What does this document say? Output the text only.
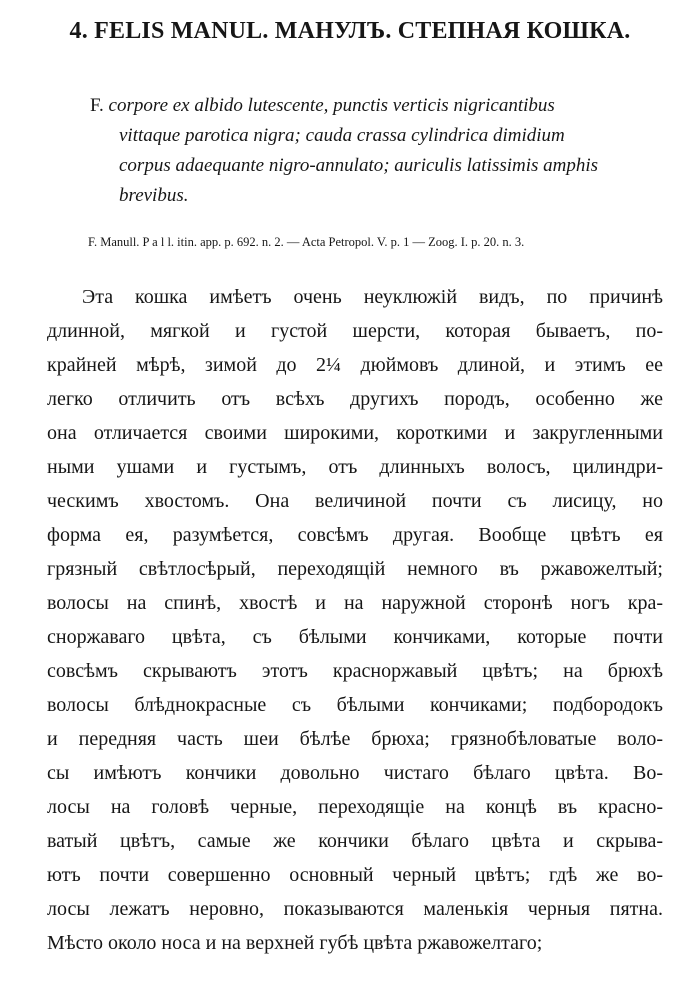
4. FELIS MANUL. МАНУЛЪ. СТЕПНАЯ КОШКА.
F. corpore ex albido lutescente, punctis verticis nigricantibus
vittaque parotica nigra; cauda crassa cylindrica dimidium
corpus adaequante nigro-annulato; auriculis latissimis amphis
brevibus.
F. Manull. P a l l. itin. app. p. 692. n. 2. — Acta Petropol. V. p. 1 — Zoog. I. p. 20. n. 3.
Эта кошка имѣетъ очень неуклюжій видъ, по причинѣ
длинной, мягкой и густой шерсти, которая бываетъ, по-
крайней мѣрѣ, зимой до 2¼ дюймовъ длиной, и этимъ ее
легко отличить отъ всѣхъ другихъ породъ, особенно же
она отличается своими широкими, короткими и закругленными
ными ушами и густымъ, отъ длинныхъ волосъ, цилиндри-
ческимъ хвостомъ. Она величиной почти съ лисицу, но
форма ея, разумѣется, совсѣмъ другая. Вообще цвѣтъ ея
грязный свѣтлосѣрый, переходящій немного въ ржавожелтый;
волосы на спинѣ, хвостѣ и на наружной сторонѣ ногъ кра-
сноржаваго цвѣта, съ бѣлыми кончиками, которые почти
совсѣмъ скрываютъ этотъ красноржавый цвѣтъ; на брюхѣ
волосы блѣднокрасные съ бѣлыми кончиками; подбородокъ
и передняя часть шеи бѣлѣе брюха; грязнобѣловатые воло-
сы имѣютъ кончики довольно чистаго бѣлаго цвѣта. Во-
лосы на головѣ черные, переходящіе на концѣ въ красно-
ватый цвѣтъ, самые же кончики бѣлаго цвѣта и скрыва-
ютъ почти совершенно основный черный цвѣтъ; гдѣ же во-
лосы лежатъ неровно, показываются маленькія черныя пятна.
Мѣсто около носа и на верхней губѣ цвѣта ржавожелтаго;
